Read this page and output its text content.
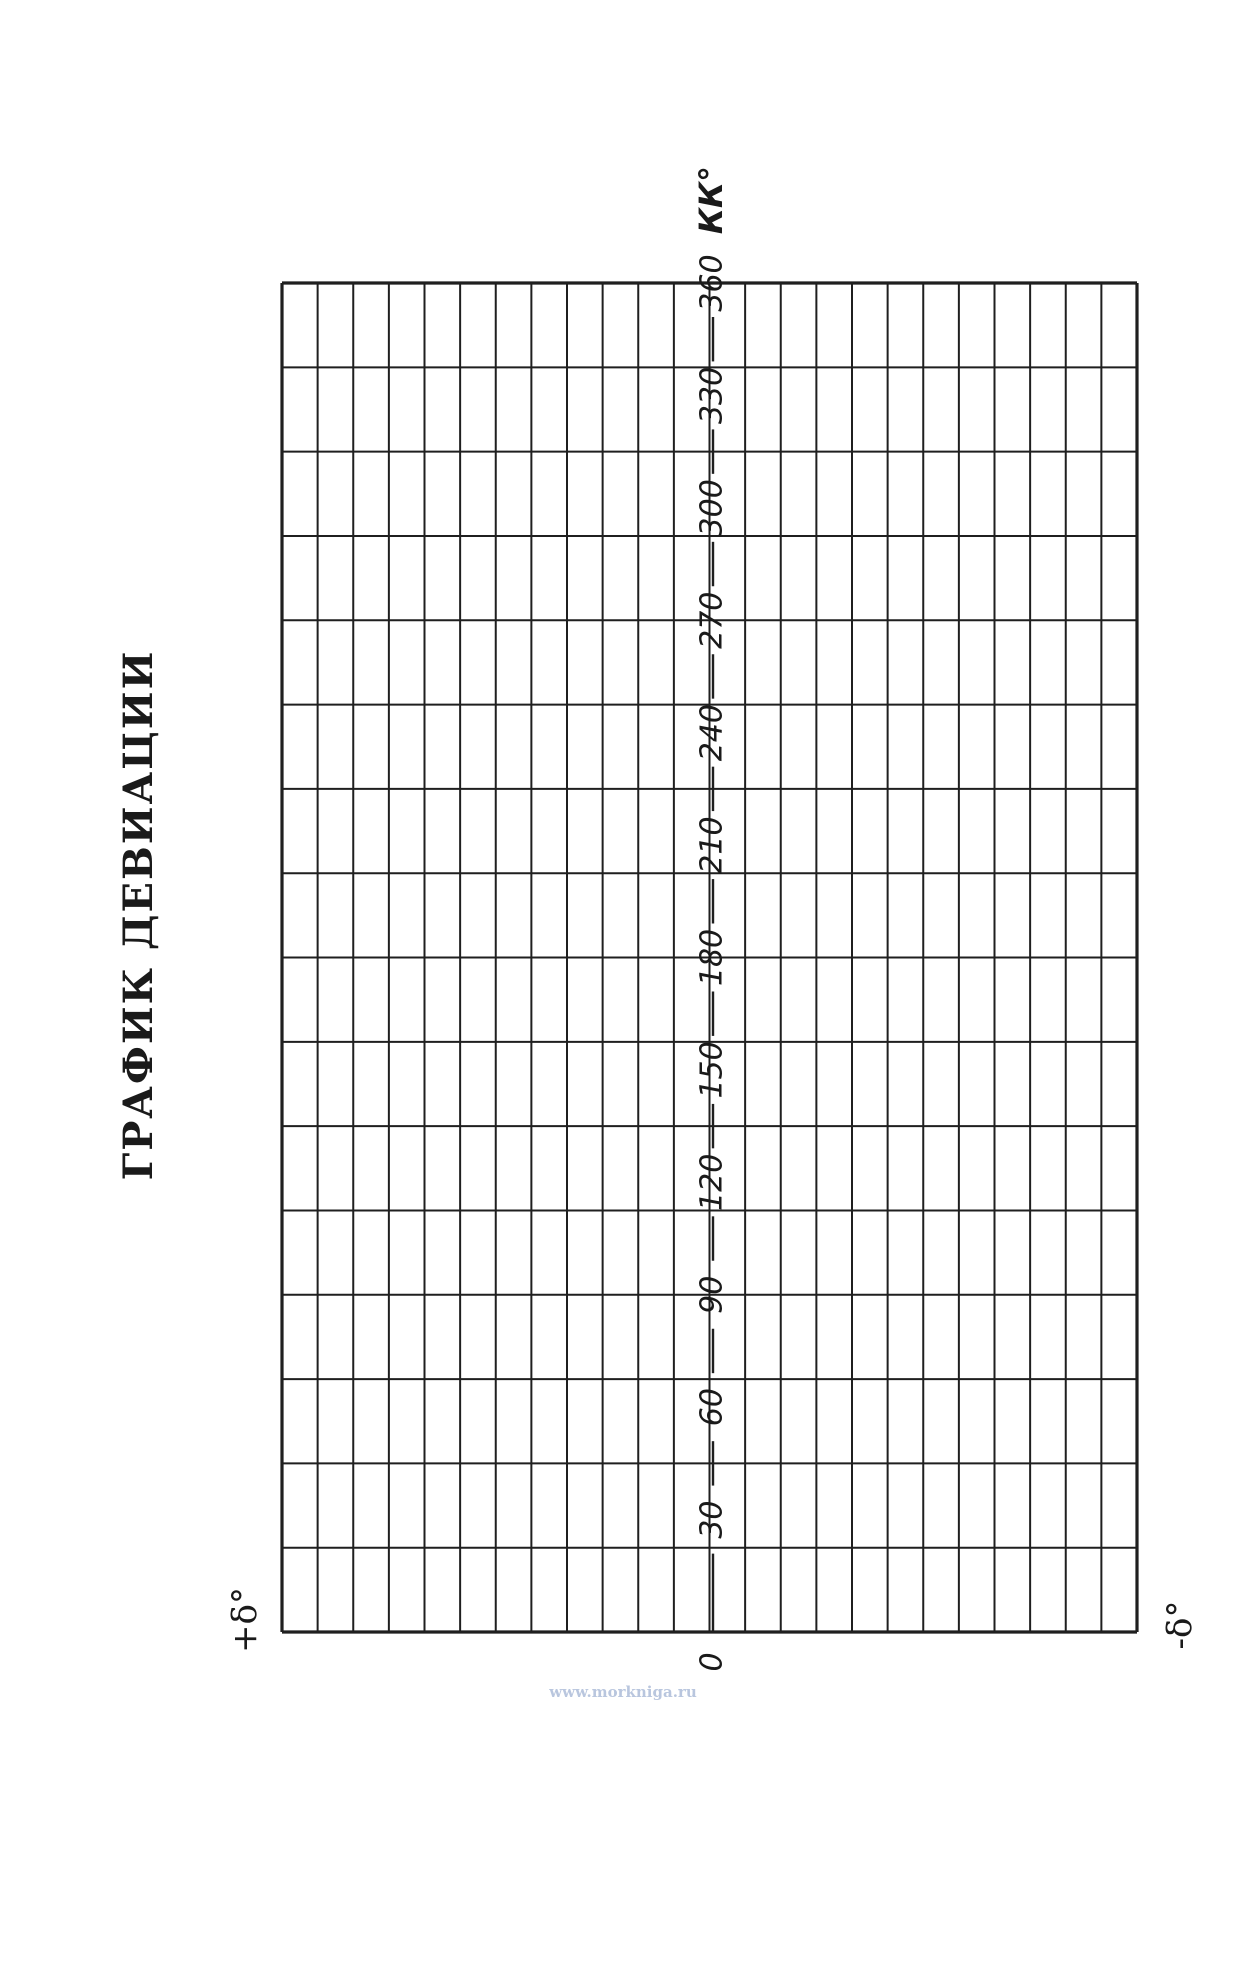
0
30
60
90
120
150
180
210
240
270
300
330
360
ГРАФИК ДЕВИАЦИИ
КК°
+δ°	-δ°
www.morkniga.ru
